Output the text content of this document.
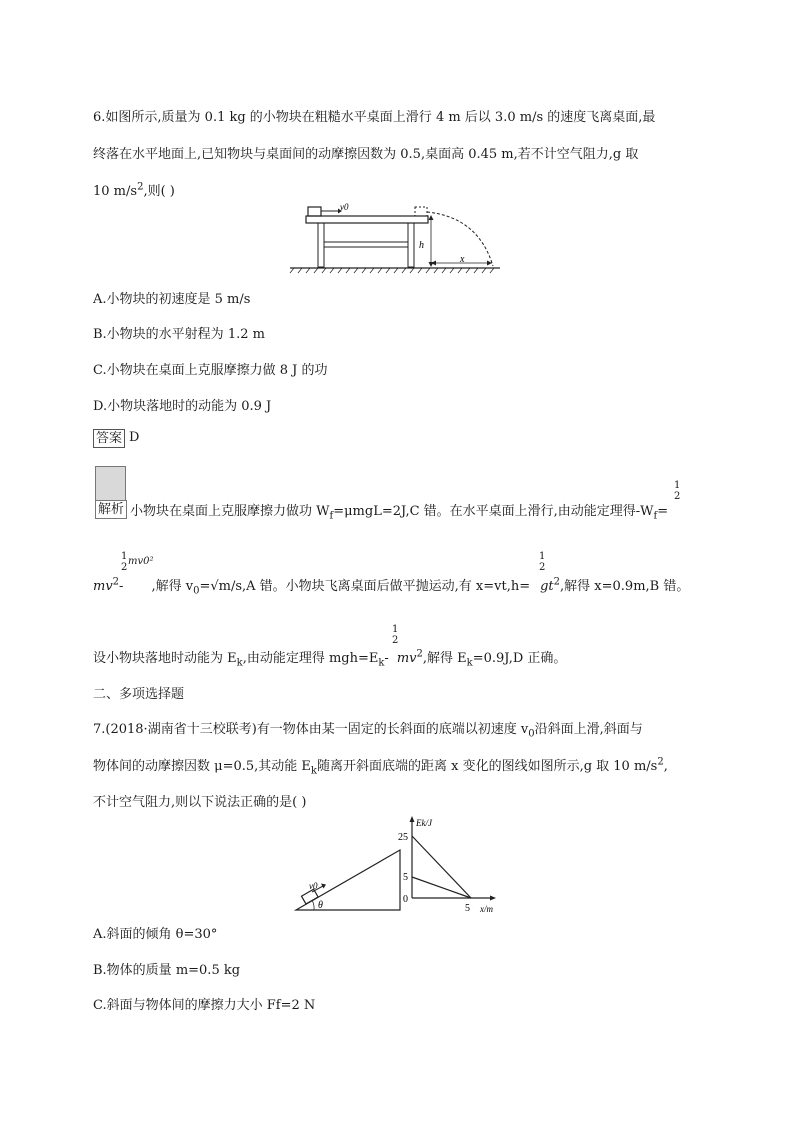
6.如图所示,质量为 0.1 kg 的小物块在粗糙水平桌面上滑行 4 m 后以 3.0 m/s 的速度飞离桌面,最
终落在水平地面上,已知物块与桌面间的动摩擦因数为 0.5,桌面高 0.45 m,若不计空气阻力,g 取
10 $m/s^2$,则( )
v0
h
x
A.小物块的初速度是 5 m/s
B.小物块的水平射程为 1.2 m
C.小物块在桌面上克服摩擦力做 8 J 的功
D.小物块落地时的动能为 0.9 J
答案 D
解析 小物块在桌面上克服摩擦力做功 $W_f=\mu mgL=2J,C$ 错。在水平桌面上滑行,由动能定理得$-W_f=$
1
2
1
2
mv0²
$mv^2-$ ,解得 $v_0=√m/s,A$ 错。小物块飞离桌面后做平抛运动,有 $x=vt,h= gt^2$,解得 x=0.9m,B 错。
1
2
1
2
设小物块落地时动能为 $E_k$,由动能定理得 $mgh=E_k-$ $mv^2$,解得 $E_k=0.9J,D$ 正确。
二、多项选择题
7.(2018·湖南省十三校联考)有一物体由某一固定的长斜面的底端以初速度 $v_0$沿斜面上滑,斜面与
物体间的动摩擦因数 μ=0.5,其动能 $E_k$随离开斜面底端的距离 x 变化的图线如图所示,g 取 10 $m/s^2$,
不计空气阻力,则以下说法正确的是( )
v0
θ
Ek/J
25
5
0
5 x/m
A.斜面的倾角 θ=30°
B.物体的质量 m=0.5 kg
C.斜面与物体间的摩擦力大小 Ff=2 N
